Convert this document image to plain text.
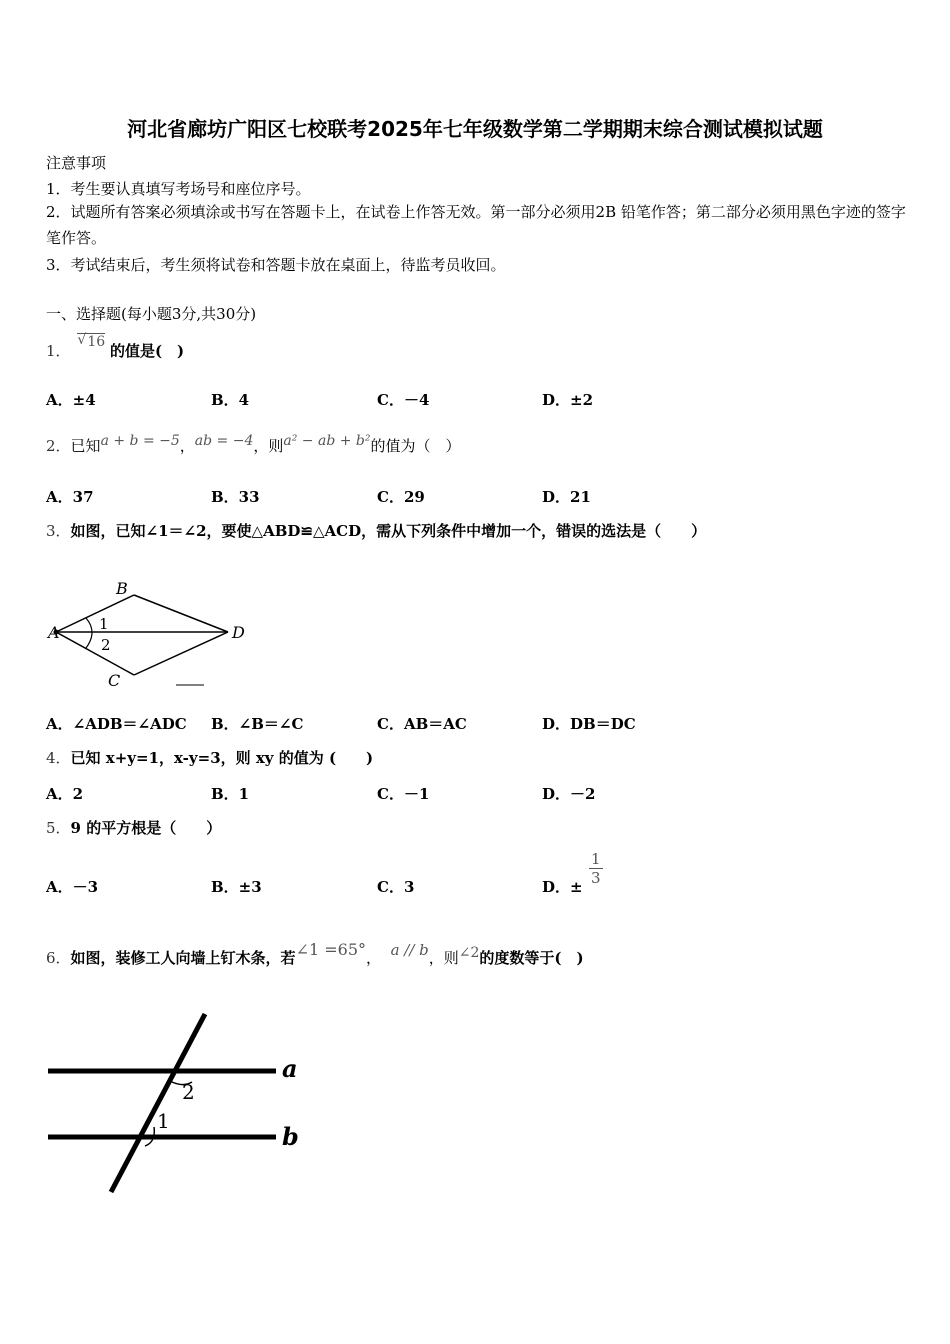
河北省廊坊广阳区七校联考2025年七年级数学第二学期期末综合测试模拟试题
注意事项
1．考生要认真填写考场号和座位序号。
2．试题所有答案必须填涂或书写在答题卡上，在试卷上作答无效。第一部分必须用2B 铅笔作答；第二部分必须用黑色字迹的签字笔作答。
3．考试结束后，考生须将试卷和答题卡放在桌面上，待监考员收回。
一、选择题(每小题3分,共30分)
1．
√ 16 的值是(　)
A．±4	B．4	C．－4	D．±2
2．已知a + b = −5，ab = −4，则a² − ab + b²的值为（　）
A．37	B．33	C．29	D．21
3．如图，已知∠1＝∠2，要使△ABD≌△ACD，需从下列条件中增加一个，错误的选法是（　　）
B
A	1
2
D
C
A．∠ADB＝∠ADC B．∠B＝∠C	C．AB＝AC	D．DB＝DC
4．已知 x+y=1，x-y=3，则 xy 的值为 (　　)
A．2	B．1	C．－1	D．－2
5．9 的平方根是（　　）
A．－3	B．±3	C．3	D．± $\frac{1}{3}$
6．如图，装修工人向墙上钉木条，若∠1 =65°， a // b，则∠2的度数等于(　)
a
b
1
2
